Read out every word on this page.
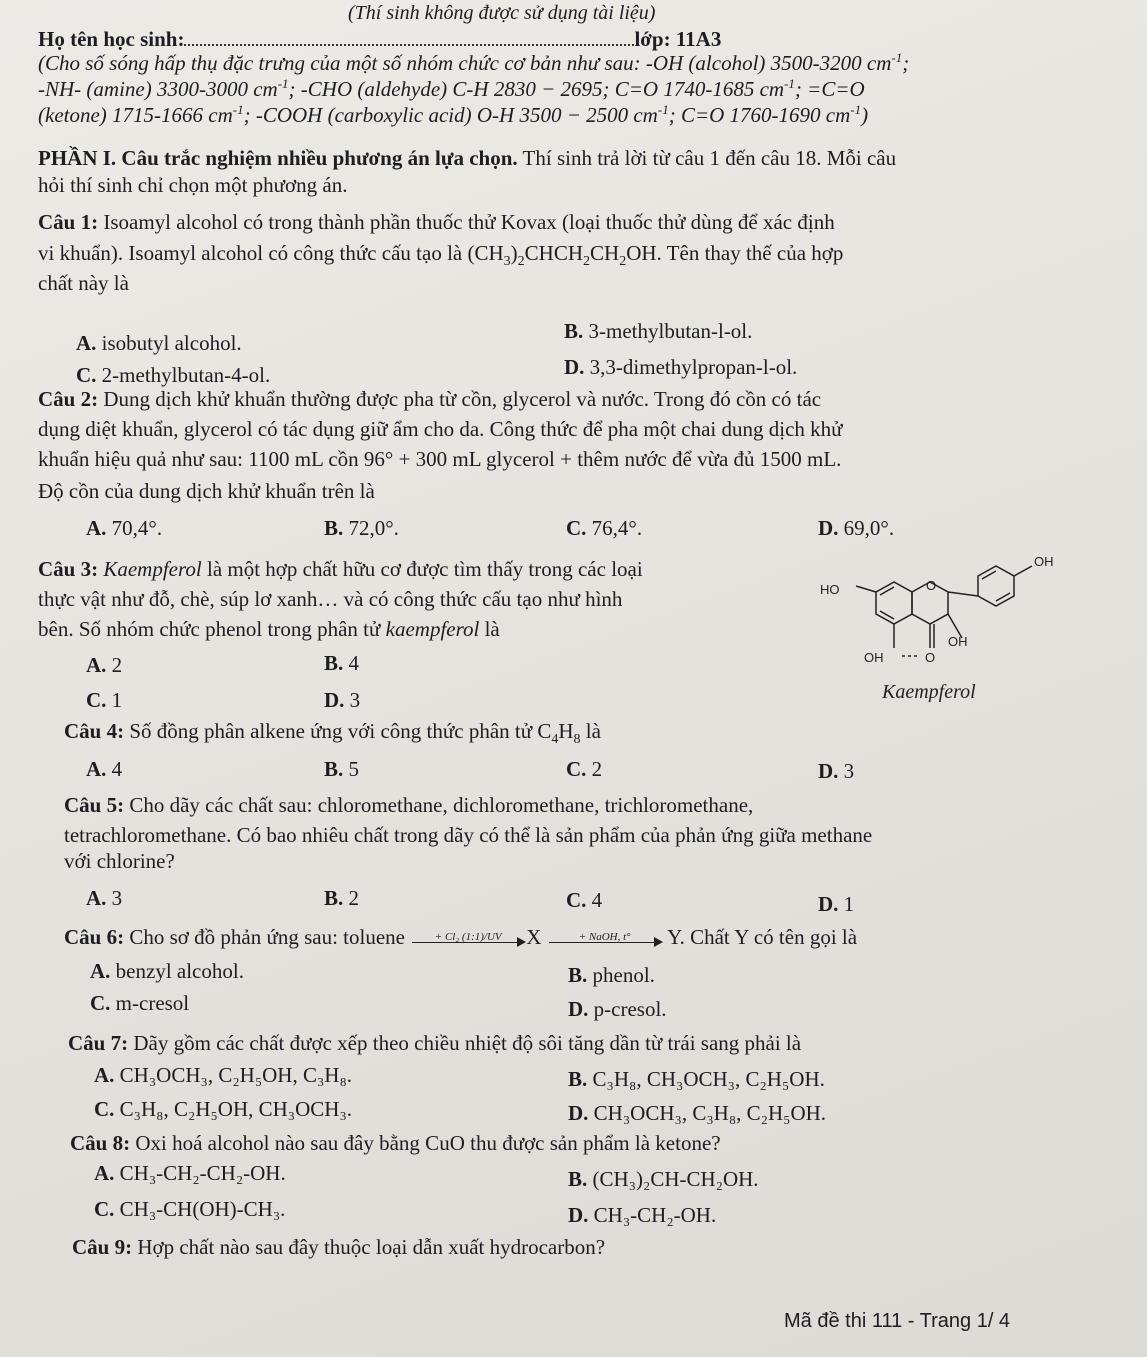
(Thí sinh không được sử dụng tài liệu)
Họ tên học sinh:	lớp: 11A3
(Cho số sóng hấp thụ đặc trưng của một số nhóm chức cơ bản như sau: -OH (alcohol) 3500-3200 $cm^{-1}$;
-NH- (amine) 3300-3000 $cm^{-1}$; -CHO (aldehyde) C-H 2830 − 2695; C=O 1740-1685 $cm^{-1}$; =C=O
(ketone) 1715-1666 $cm^{-1}$; -COOH (carboxylic acid) O-H 3500 − 2500 $cm^{-1}$; C=O 1760-1690 $cm^{-1}$)
PHẦN I. Câu trắc nghiệm nhiều phương án lựa chọn. Thí sinh trả lời từ câu 1 đến câu 18. Mỗi câu
hỏi thí sinh chỉ chọn một phương án.
Câu 1: Isoamyl alcohol có trong thành phần thuốc thử Kovax (loại thuốc thử dùng để xác định
vi khuẩn). Isoamyl alcohol có công thức cấu tạo là $(CH_3)_2CHCH_2CH_2OH$. Tên thay thế của hợp
chất này là
A. isobutyl alcohol.	B. 3-methylbutan-l-ol.
C. 2-methylbutan-4-ol.	D. 3,3-dimethylpropan-l-ol.
Câu 2: Dung dịch khử khuẩn thường được pha từ cồn, glycerol và nước. Trong đó cồn có tác
dụng diệt khuẩn, glycerol có tác dụng giữ ẩm cho da. Công thức để pha một chai dung dịch khử
khuẩn hiệu quả như sau: 1100 mL cồn 96° + 300 mL glycerol + thêm nước để vừa đủ 1500 mL.
Độ cồn của dung dịch khử khuẩn trên là
A. 70,4°.	B. 72,0°.	C. 76,4°.	D. 69,0°.
Câu 3: Kaempferol là một hợp chất hữu cơ được tìm thấy trong các loại
thực vật như đỗ, chè, súp lơ xanh… và có công thức cấu tạo như hình
bên. Số nhóm chức phenol trong phân tử kaempferol là
A. 2	B. 4
C. 1	D. 3
OH
HO	O
OH
OH	O
Kaempferol
Câu 4: Số đồng phân alkene ứng với công thức phân tử $C_4H_8$ là
A. 4	B. 5	C. 2	D. 3
Câu 5: Cho dãy các chất sau: chloromethane, dichloromethane, trichloromethane,
tetrachloromethane. Có bao nhiêu chất trong dãy có thể là sản phẩm của phản ứng giữa methane
với chlorine?
A. 3	B. 2	C. 4	D. 1
Câu 6: Cho sơ đồ phản ứng sau: toluene	+ Cl₂ (1:1)/UV	X	+ NaOH, t°	Y. Chất Y có tên gọi là
A. benzyl alcohol.	B. phenol.
C. m-cresol	D. p-cresol.
Câu 7: Dãy gồm các chất được xếp theo chiều nhiệt độ sôi tăng dần từ trái sang phải là
A. CH₃OCH₃, C₂H₅OH, C₃H₈.	B. C₃H₈, CH₃OCH₃, C₂H₅OH.
C. C₃H₈, C₂H₅OH, CH₃OCH₃.	D. CH₃OCH₃, C₃H₈, C₂H₅OH.
Câu 8: Oxi hoá alcohol nào sau đây bằng CuO thu được sản phẩm là ketone?
A. CH₃-CH₂-CH₂-OH.	B. (CH₃)₂CH-CH₂OH.
C. CH₃-CH(OH)-CH₃.	D. CH₃-CH₂-OH.
Câu 9: Hợp chất nào sau đây thuộc loại dẫn xuất hydrocarbon?
Mã đề thi 111 - Trang 1/ 4
